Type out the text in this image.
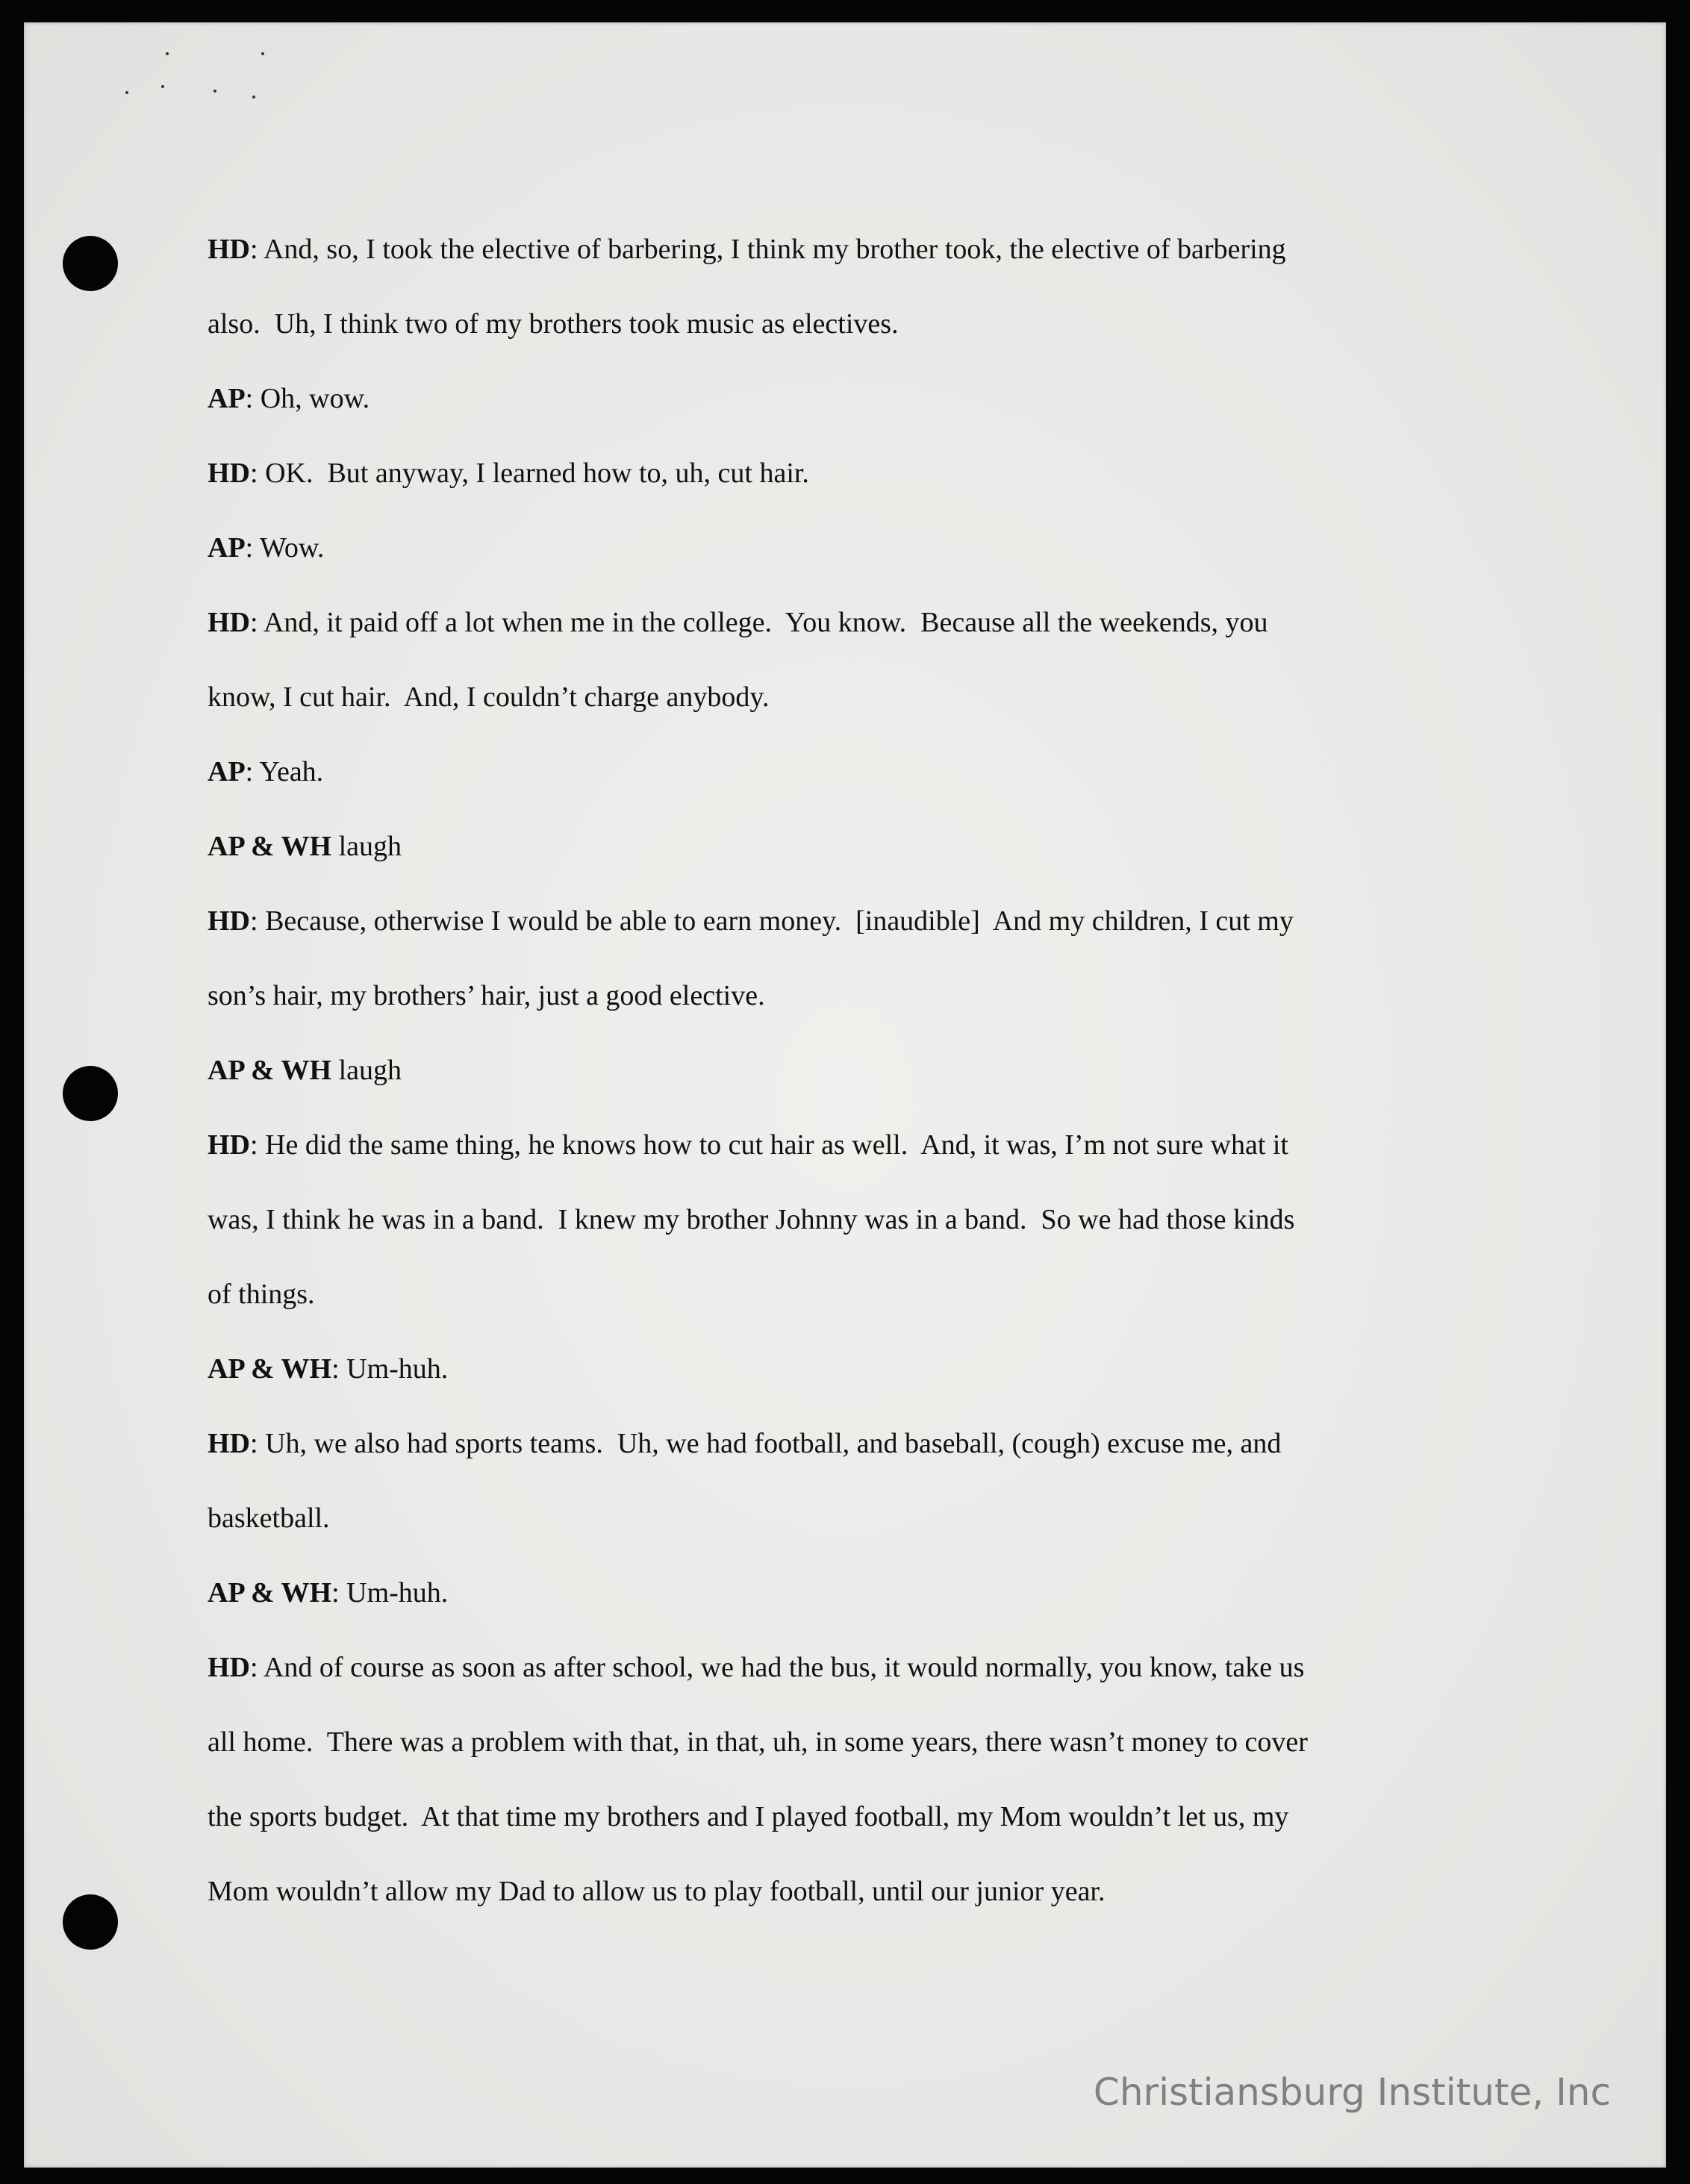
HD: And, so, I took the elective of barbering, I think my brother took, the elective of barbering
also.  Uh, I think two of my brothers took music as electives.
AP: Oh, wow.
HD: OK.  But anyway, I learned how to, uh, cut hair.
AP: Wow.
HD: And, it paid off a lot when me in the college.  You know.  Because all the weekends, you
know, I cut hair.  And, I couldn’t charge anybody.
AP: Yeah.
AP & WH laugh
HD: Because, otherwise I would be able to earn money.  [inaudible]  And my children, I cut my
son’s hair, my brothers’ hair, just a good elective.
AP & WH laugh
HD: He did the same thing, he knows how to cut hair as well.  And, it was, I’m not sure what it
was, I think he was in a band.  I knew my brother Johnny was in a band.  So we had those kinds
of things.
AP & WH: Um-huh.
HD: Uh, we also had sports teams.  Uh, we had football, and baseball, (cough) excuse me, and
basketball.
AP & WH: Um-huh.
HD: And of course as soon as after school, we had the bus, it would normally, you know, take us
all home.  There was a problem with that, in that, uh, in some years, there wasn’t money to cover
the sports budget.  At that time my brothers and I played football, my Mom wouldn’t let us, my
Mom wouldn’t allow my Dad to allow us to play football, until our junior year.
Christiansburg Institute, Inc
